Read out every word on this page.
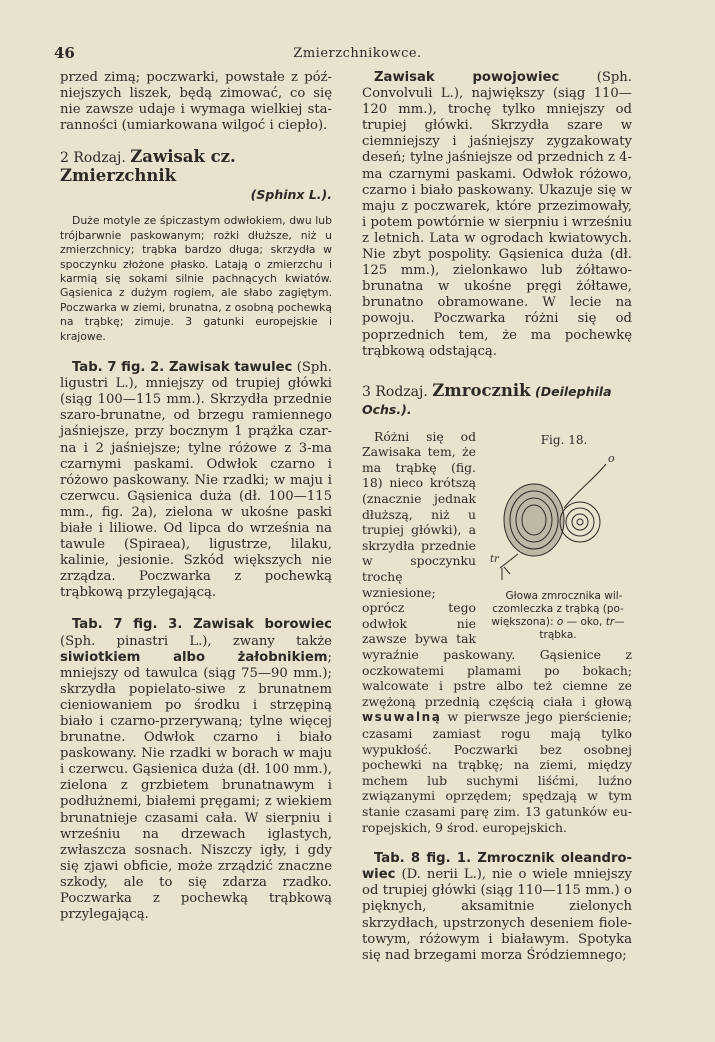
46	Zmierzchnikowce.

przed zimą; poczwarki, powstałe z późniejszych liszek, będą zimować, co się nie zawsze udaje i wymaga wielkiej staranności (umiarkowana wilgoć i ciepło).

2 Rodzaj. Zawisak cz. Zmierzchnik
(Sphinx L.).

Duże motyle ze śpiczastym odwłokiem, dwu lub trójbarwnie paskowanym; rożki dłuższe, niż u zmierzchnicy; trąbka bardzo długa; skrzydła w spoczynku złożone płasko. Latają o zmierzchu i karmią się sokami silnie pachnących kwiatów. Gąsienica z dużym rogiem, ale słabo zagiętym. Poczwarka w ziemi, brunatna, z osobną pochewką na trąbkę; zimuje. 3 gatunki europejskie i krajowe.

Tab. 7 fig. 2. Zawisak tawulec (Sph. ligustri L.), mniejszy od trupiej główki (siąg 100—115 mm.). Skrzydła przednie szaro-brunatne, od brzegu ramiennego jaśniejsze, przy bocznym 1 prążka czarna i 2 jaśniejsze; tylne różowe z 3-ma czarnymi paskami. Odwłok czarno i różowo paskowany. Nie rzadki; w maju i czerwcu. Gąsienica duża (dł. 100—115 mm., fig. 2a), zielona w ukośne paski białe i liliowe. Od lipca do września na tawule (Spiraea), ligustrze, lilaku, kalinie, jesionie. Szkód większych nie zrządza. Poczwarka z pochewką trąbkową przylegającą.

Tab. 7 fig. 3. Zawisak borowiec (Sph. pinastri L.), zwany także siwiotkiem albo żałobnikiem; mniejszy od tawulca (siąg 75—90 mm.); skrzydła popielato-siwe z brunatnem cieniowaniem po środku i strzępiną biało i czarno-przerywaną; tylne więcej brunatne. Odwłok czarno i biało paskowany. Nie rzadki w borach w maju i czerwcu. Gąsienica duża (dł. 100 mm.), zielona z grzbietem brunatnawym i podłużnemi, białemi pręgami; z wiekiem brunatnieje czasami cała. W sierpniu i wrześniu na drzewach iglastych, zwłaszcza sosnach. Niszczy igły, i gdy się zjawi obficie, może zrządzić znaczne szkody, ale to się zdarza rzadko. Poczwarka z pochewką trąbkową przylegającą.

Zawisak powojowiec	(Sph. Convolvuli L.), największy (siąg 110—120 mm.), trochę tylko mniejszy od trupiej główki. Skrzydła szare w ciemniejszy i jaśniejszy zygzakowaty deseń; tylne jaśniejsze od przednich z 4-ma czarnymi paskami. Odwłok różowo, czarno i biało paskowany. Ukazuje się w maju z poczwarek, które przezimowały, i potem powtórnie w sierpniu i wrześniu z letnich. Lata w ogrodach kwiatowych. Nie zbyt pospolity. Gąsienica duża (dł. 125 mm.), zielonkawo lub żółtawo-brunatna w ukośne pręgi żółtawe, brunatno obramowane. W lecie na powoju. Poczwarka różni się od poprzednich tem, że ma pochewkę trąbkową odstającą.

3 Rodzaj. Zmrocznik (Deilephila Ochs.).
Fig. 18.
o
tr
Głowa zmrocznika wilczomleczka z trąbką (powiększona): o — oko, tr—trąbka.
Różni się od Zawisaka tem, że ma trąbkę (fig. 18) nieco krótszą (znacznie jednak dłuższą, niż u trupiej główki), a skrzydła przednie w spoczynku trochę wzniesione; oprócz tego odwłok nie zawsze bywa tak wyraźnie paskowany. Gąsienice z oczkowatemi plamami po bokach; walcowate i pstre albo też ciemne ze zwężoną przednią częścią ciała i głową wsuwalną w pierwsze jego pierścienie; czasami zamiast rogu mają tylko wypukłość. Poczwarki bez osobnej pochewki na trąbkę; na ziemi, między mchem lub suchymi liśćmi, luźno związanymi oprzędem; spędzają w tym stanie czasami parę zim. 13 gatunków europejskich, 9 środ. europejskich.

Tab. 8 fig. 1. Zmrocznik oleandrowiec (D. nerii L.), nie o wiele mniejszy od trupiej główki (siąg 110—115 mm.) o pięknych, aksamitnie zielonych skrzydłach, upstrzonych deseniem fioletowym, różowym i białawym. Spotyka się nad brzegami morza Śródziemnego;
